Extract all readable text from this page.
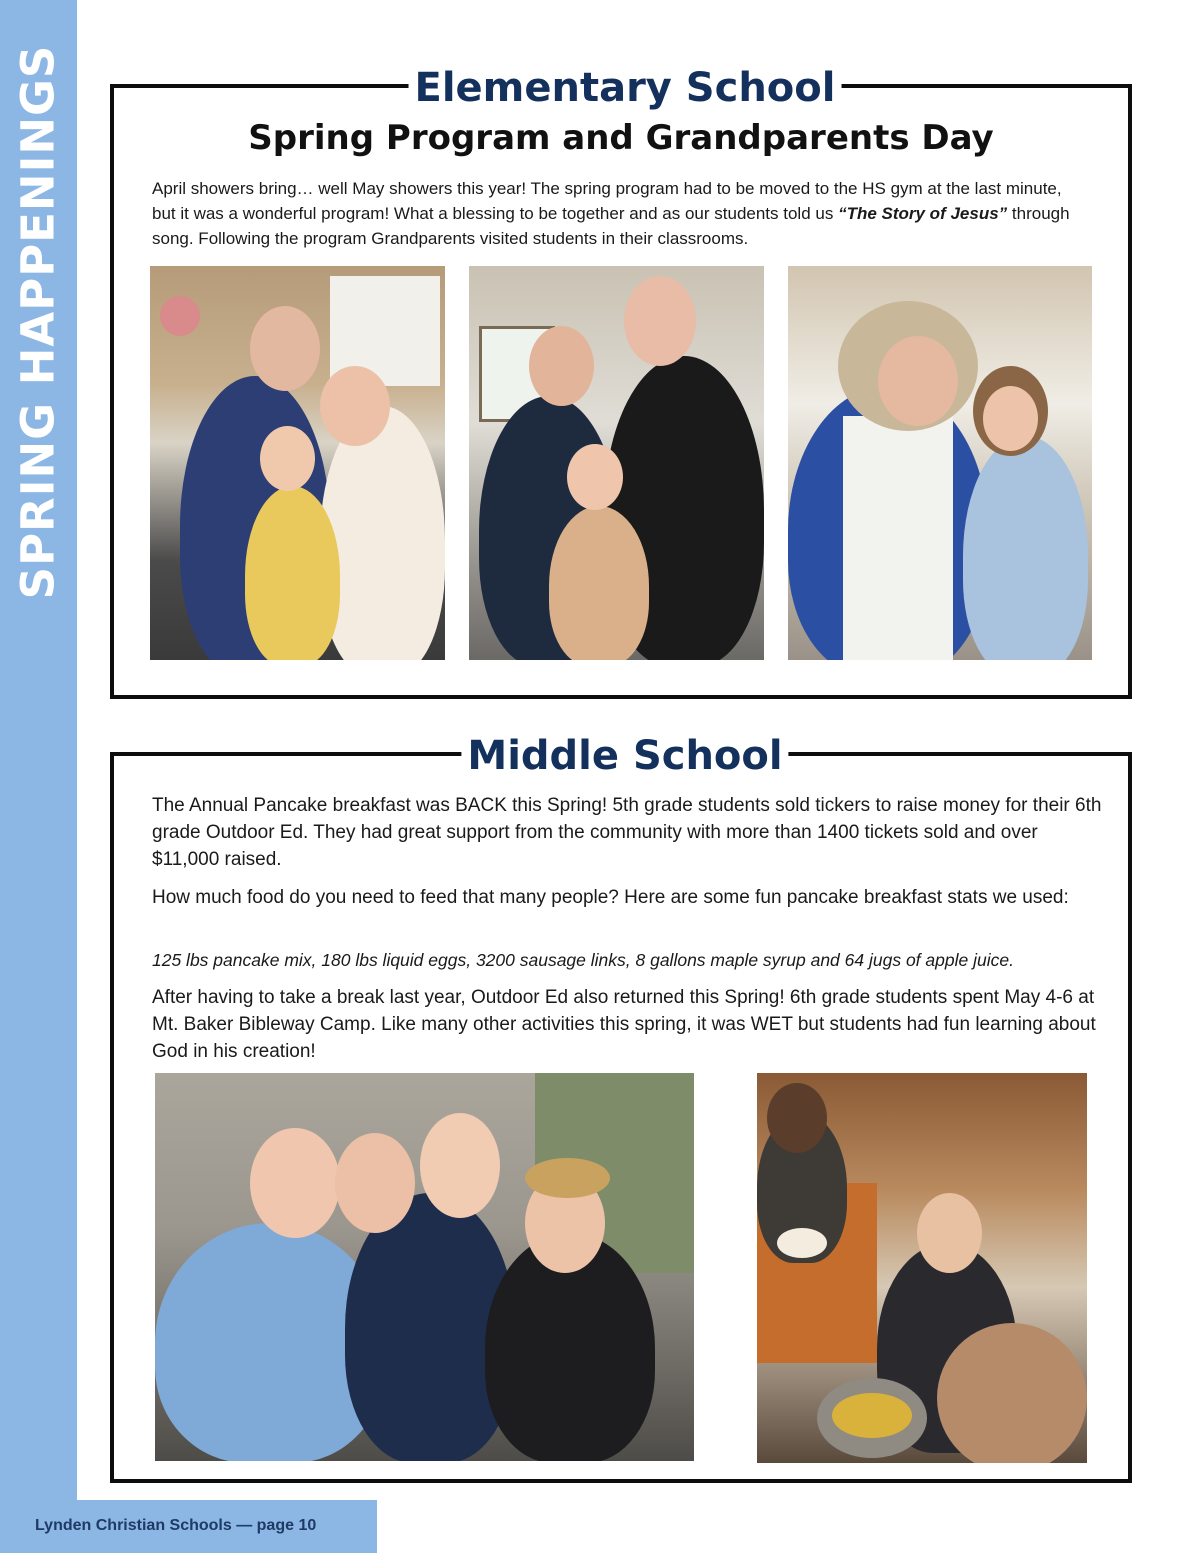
SPRING HAPPENINGS	Elementary School
Spring Program and Grandparents Day

April showers bring… well May showers this year! The spring program had to be moved to the HS gym at the last minute, but it was a wonderful program! What a blessing to be together and as our students told us “The Story of Jesus” through song. Following the program Grandparents visited students in their classrooms.

Middle School

The Annual Pancake breakfast was BACK this Spring! 5th grade students sold tickers to raise money for their 6th grade Outdoor Ed. They had great support from the community with more than 1400 tickets sold and over $11,000 raised.

How much food do you need to feed that many people? Here are some fun pancake breakfast stats we used:

125 lbs pancake mix, 180 lbs liquid eggs, 3200 sausage links, 8 gallons maple syrup and 64 jugs of apple juice.

After having to take a break last year, Outdoor Ed also returned this Spring! 6th grade students spent May 4-6 at Mt. Baker Bibleway Camp. Like many other activities this spring, it was WET but students had fun learning about God in his creation!

Lynden Christian Schools — page 10
